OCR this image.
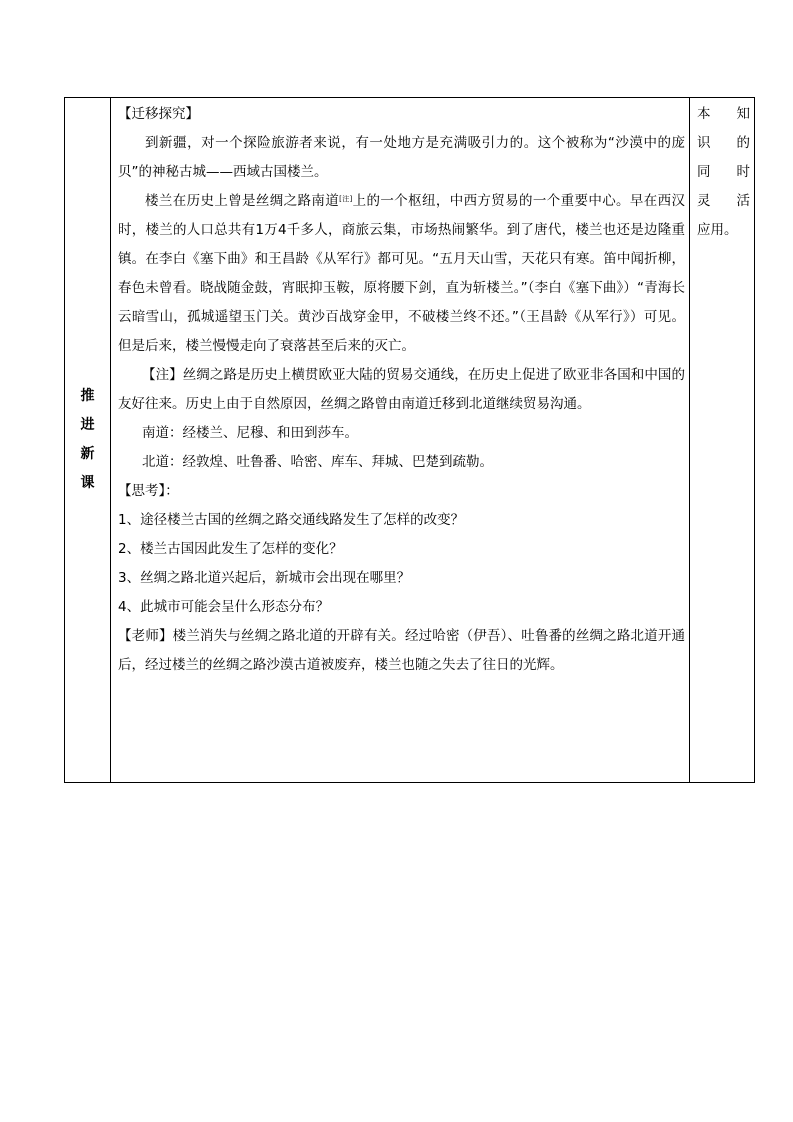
推
进
新
课

【迁移探究】
到新疆，对一个探险旅游者来说，有一处地方是充满吸引力的。这个被称为“沙漠中的庞贝”的神秘古城——西域古国楼兰。
楼兰在历史上曾是丝绸之路南道[注]上的一个枢纽，中西方贸易的一个重要中心。早在西汉时，楼兰的人口总共有1万4千多人，商旅云集，市场热闹繁华。到了唐代，楼兰也还是边隆重镇。在李白《塞下曲》和王昌龄《从军行》都可见。“五月天山雪，天花只有寒。笛中闻折柳，春色未曾看。晓战随金鼓，宵眠抑玉鞍，原将腰下剑，直为斩楼兰。”（李白《塞下曲》）“青海长云暗雪山，孤城遥望玉门关。黄沙百战穿金甲，不破楼兰终不还。”（王昌龄《从军行》）可见。但是后来，楼兰慢慢走向了衰落甚至后来的灭亡。
【注】丝绸之路是历史上横贯欧亚大陆的贸易交通线，在历史上促进了欧亚非各国和中国的友好往来。历史上由于自然原因，丝绸之路曾由南道迁移到北道继续贸易沟通。
南道：经楼兰、尼穆、和田到莎车。
北道：经敦煌、吐鲁番、哈密、库车、拜城、巴楚到疏勒。
【思考】：
1、途径楼兰古国的丝绸之路交通线路发生了怎样的改变？
2、楼兰古国因此发生了怎样的变化？
3、丝绸之路北道兴起后，新城市会出现在哪里？
4、此城市可能会呈什么形态分布？
【老师】楼兰消失与丝绸之路北道的开辟有关。经过哈密（伊吾）、吐鲁番的丝绸之路北道开通后，经过楼兰的丝绸之路沙漠古道被废弃，楼兰也随之失去了往日的光辉。

本 知
识 的
同 时
灵 活
应用。
